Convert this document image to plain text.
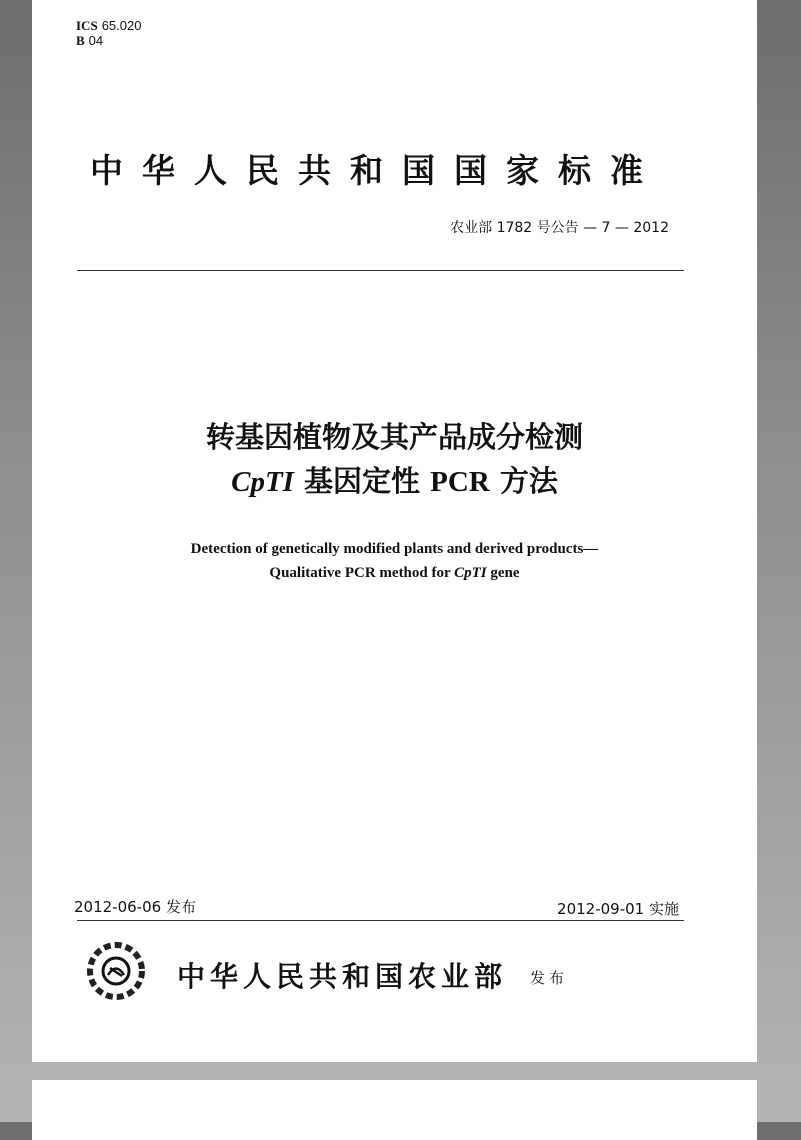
ICS 65.020
B 04
中华人民共和国国家标准
农业部 1782 号公告 — 7 — 2012
转基因植物及其产品成分检测
CpTI 基因定性 PCR 方法
Detection of genetically modified plants and derived products—
Qualitative PCR method for CpTI gene
2012-06-06 发布	2012-09-01 实施
中华人民共和国农业部 发布
